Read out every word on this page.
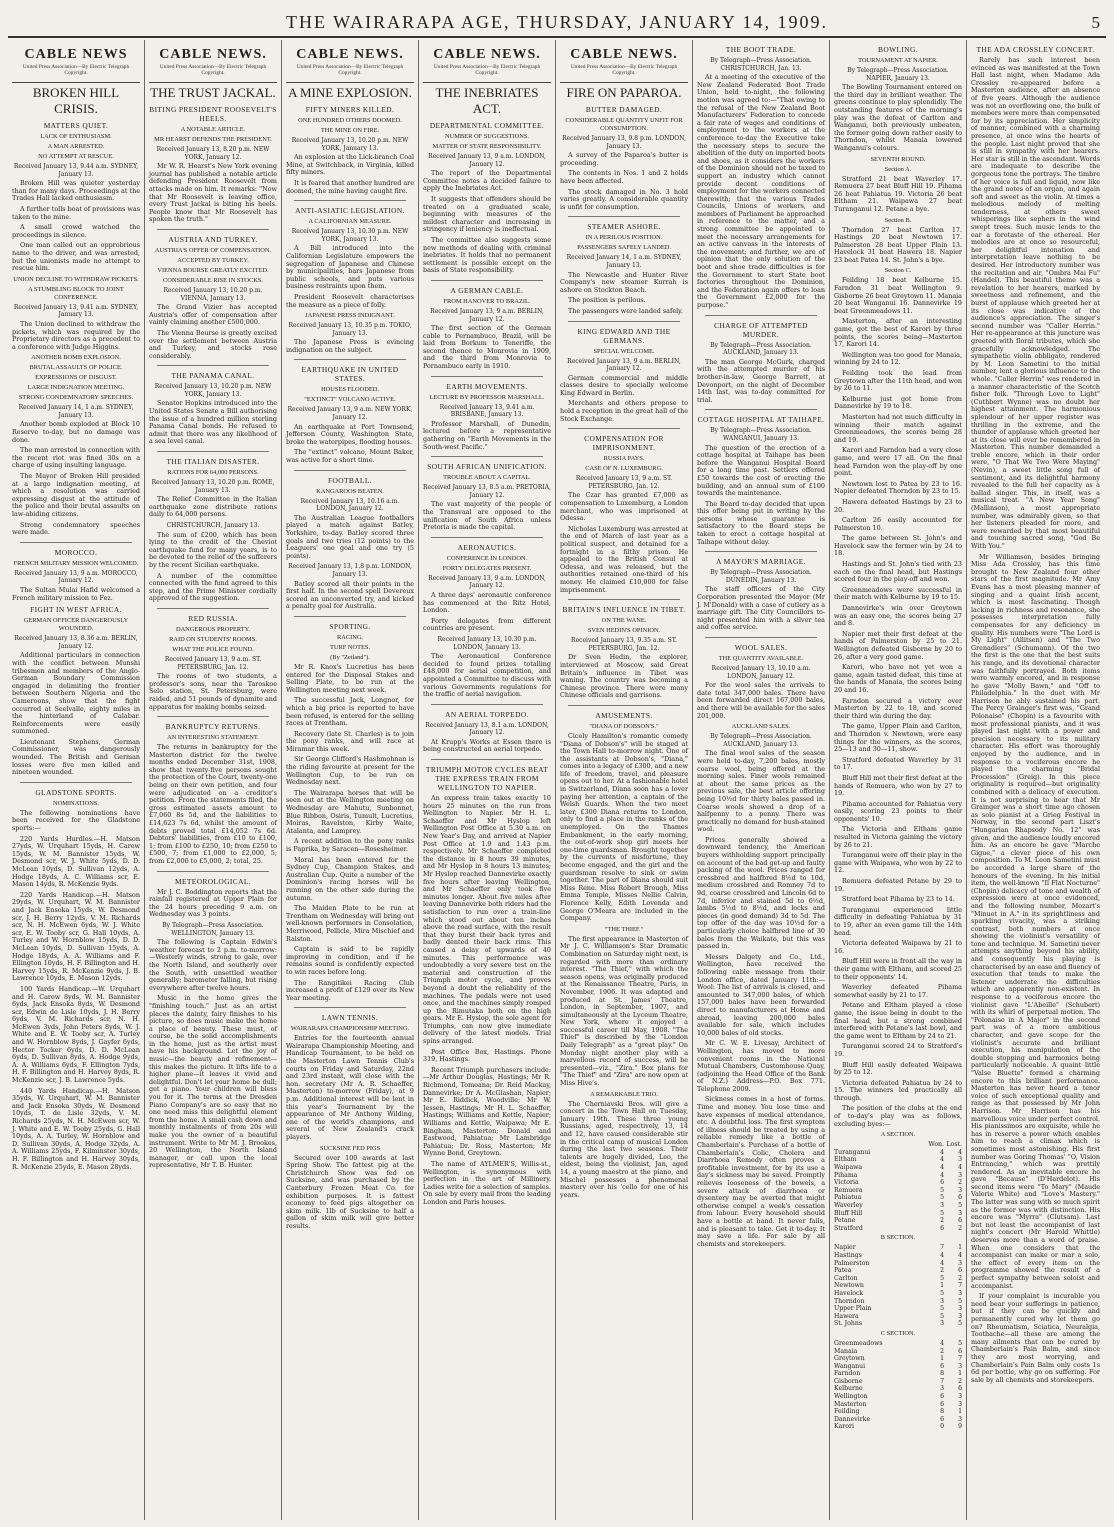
THE WAIRARAPA AGE, THURSDAY, JANUARY 14, 1909.	5
CABLE NEWS
United Press Association—By Electric Telegraph Copyright.
BROKEN HILL CRISIS.
MATTERS QUIET.
LACK OF ENTHUSIASM.
A MAN ARRESTED.
NO ATTEMPT AT RESCUE.
Received January 13, 9.44 a.m. SYDNEY, January 13.
Broken Hill was quieter yesterday than for many days. Proceedings at the Trades Hall lacked enthusiasm.
A further tolls boat of provisions was taken to the mine.
A small crowd watched the proceedings in silence.
One man called out an opprobrious name to the driver, and was arrested, but the unionists made no attempt to rescue him.
UNION DECLINE TO WITHDRAW PICKETS.
A STUMBLING BLOCK TO JOINT CONFERENCE.
Received January 13, 9.41 a.m. SYDNEY, January 13.
The Union declined to withdraw the pickets, which was required by the Proprietary directors as a precedent to a conference with Judge Higgins.
ANOTHER BOMB EXPLOSION.
BRUTAL ASSAULTS OF POLICE.
EXPRESSIONS OF DISGUST.
LARGE INDIGNATION MEETING.
STRONG CONDEMNATORY SPEECHES.
Received January 14, 1 a.m. SYDNEY, January 13.
Another bomb exploded at Block 10 Reserve to-day, but no damage was done.
The man arrested in connection with the recent riot was fined 30s on a charge of using insulting language.
The Mayor of Broken Hill presided at a large indignation meeting, at which a resolution was carried expressing disgust at the attitude of the police and their brutal assaults on law-abiding citizens.
Strong condemnatory speeches were made.
MOROCCO.
FRENCH MILITARY MISSION WELCOMED.
Received January 13, 9 a.m. MOROCCO, January 12.
The Sultan Mulai Hafid welcomed a French military mission to Fez.
FIGHT IN WEST AFRICA.
GERMAN OFFICER DANGEROUSLY WOUNDED.
Received January 13, 8.36 a.m. BERLIN, January 12.
Additional particulars in connection with the conflict between Munshi tribesmen and members of the Anglo-German Boundary Commission engaged in delimiting the frontier between Southern Nigeria and the Cameroons, show that the fight occurred at Seelvalle, eighty miles in the hinterland of Calabar. Reinforcements were easily summoned.
Lieutenant Stephens, German Commissioner, was dangerously wounded. The British and German losses were five men killed and nineteen wounded.
GLADSTONE SPORTS.
NOMINATIONS.
The following nominations have been received for the Gladstone sports:—
220 Yards Hurdles.—H. Matson 27yds, W. Urquhart 15yds, H. Carew 15yds, W. M. Bannister 15yds, W. Desmond scr, W. J. White 5yds, D. D. McLean 10yds, D. Sullivan 12yds, A. Hodge 18yds, A. C. Williams scr, E. Mason 14yds, R. McKenzie 9yds.
220 Yards Handicap.—H. Matson 29yds, W. Urquhart, W. M. Bannister and Jack Ensoka 15yds, W. Desmond scr, J. H. Berry 12yds, V. M. Richards scr, N. H. McEwen 6yds, W. J. White scr, E. W. Tooby scr, G. Hall 10yds, A. Turley and W. Hornblow 15yds, D. D. McLean 10yds, D. Sullivan 15yds, A. Hodge 18yds, A. A. Williams and F. Ellington 10yds, H. F. Billington and H. Harvey 15yds, R. McKenzie 9yds, J. B. Lawrence 10yds, E. Mason 12yds.
100 Yards Handicap.—W. Urquhart and H. Carew 8yds, W. M. Bannister 6yds, Jack Ensoka 8yds, W. Desmond scr, Edwin de Lisle 10yds, J. H. Berry 6yds, V. M. Richards scr, N. H. McEwen 3yds, John Peters 8yds, W. J. White and E. W. Tooby scr, A. Turley and W. Hornblow 8yds, J. Gayfer 6yds, Hector Tocker 6yds, D. D. McLean 6yds, D. Sullivan 8yds, A. Hodge 9yds, A. A. Williams 6yds, F. Ellington 7yds, H. F. Billington and H. Harvey 8yds, R. McKenzie scr, J. B. Lawrence 5yds.
440 Yards Handicap.—H. Matson 35yds, W. Urquhart, W. M. Bannister and Jack Ensoka 30yds, W. Desmond 10yds, T. de Lisle 32yds, V. M. Richards 25yds, N. H. McEwen scr, W. J. White and E. W. Tooby 25yds, G. Hall 10yds, A. A. Turley, W. Hornblow and D. Sullivan 30yds, A. Hodge 32yds, A. A. Williams 25yds, F. Kilminster 30yds, H. F. Billington and H. Harvey 30yds, R. McKenzie 25yds, E. Mason 28yds.
CABLE NEWS.
United Press Association—By Electric Telegraph Copyright.
THE TRUST JACKAL.
BITING PRESIDENT ROOSEVELT'S HEELS.
A NOTABLE ARTICLE.
MR HEARST DEFENDS THE PRESIDENT.
Received January 13, 8.20 p.m. NEW YORK, January 12.
Mr W. R. Hearst's New York evening journal has published a notable article defending President Roosevelt from attacks made on him. It remarks: "Now that Mr Roosevelt is leaving office, every Trust Jackal is biting his heels. People know that Mr Roosevelt has spoken the truth."
AUSTRIA AND TURKEY.
AUSTRIA'S OFFER OF COMPENSATION.
ACCEPTED BY TURKEY.
VIENNA BOURSE GREATLY EXCITED.
CONSIDERABLE RISE IN STOCKS.
Received January 13, 10.20 p.m. VIENNA, January 13.
The Grand Vizier has accepted Austria's offer of compensation after vainly claiming another £500,000.
The Vienna Bourse is greatly excited over the settlement between Austria and Turkey, and stocks rose considerably.
THE PANAMA CANAL.
Received January 13, 10.20 p.m. NEW YORK, January 13.
Senator Hopkins introduced into the United States Senate a Bill authorising the issue of a hundred million sterling Panama Canal bonds. He refused to admit that there was any likelihood of a sea level canal.
THE ITALIAN DISASTER.
RATIONS FOR 64,000 PERSONS.
Received January 13, 10.20 p.m. ROME, January 13.
The Relief Committee in the Italian earthquake zone distribute rations daily to 64,000 persons.
CHRISTCHURCH, January 13.
The sum of £200, which has been lying to the credit of the Cheviot earthquake fund for many years, is to be devoted to the relief of the sufferers by the recent Sicilian earthquake.
A number of the committee connected with the fund agreed to this step, and the Prime Minister cordially approved of the suggestion.
RED RUSSIA.
DANGEROUS PROPERTY.
RAID ON STUDENTS' ROOMS.
WHAT THE POLICE FOUND.
Received January 13, 9 a.m. ST. PETERSBURG, Jan. 12.
The rooms of two students, a professor's sons, near the Taroskoe Selo station, St. Petersburg, were raided, and 51 pounds of dynamite and apparatus for making bombs seized.
BANKRUPTCY RETURNS.
AN INTERESTING STATEMENT.
The returns in bankruptcy for the Masterton district for the twelve months ended December 31st, 1908, show that twenty-five persons sought the protection of the Court, twenty-one being on their own petition, and four were adjudicated on a creditor's petition. From the statements filed, the gross estimated assets amount to £7,060 8s 5d, and the liabilities to £14,623 7s 6d, whilst the amount of debts proved total £14,052 7s 6d. Debtors' liabilities, from £10 to £100, 1; from £100 to £250, 10; from £250 to £500, 7; from £1,000 to £2,000, 5; from £2,000 to £5,000, 2; total, 25.
METEOROLOGICAL.
Mr J. C. Boddington reports that the rainfall registered at Upper Plain for the 24 hours preceding 9 a.m. on Wednesday was 3 points.
By Telegraph—Press Association. WELLINGTON, January 13.
The following is Captain Edwin's weather forecast to 2 p.m. to-morrow:—Westerly winds, strong to gale, over the North Island, and southerly over the South, with unsettled weather generally; barometer falling, but rising everywhere after twelve hours.
Music in the home gives the "finishing touch." Just as an artist places the dainty, fairy finishes to his picture, so does music make the home a place of beauty. These must, of course, be the solid accomplishments in the home, just as the artist must have his background. Let the joy of music—the beauty and refinement—this makes the picture. It lifts life to a higher plane—it leaves it vivid and delightful. Don't let your home be dull; get a piano. Your children will bless you for it. The terms at the Dresden Piano Company's are so easy that no one need miss this delightful element from the home. A small cash down and monthly instalments of from 20s will make you the owner of a beautiful instrument. Write to Mr M. J. Brookes, 20 Wellington, the North Island manager, or call upon the local representative, Mr T. B. Hunter.
CABLE NEWS.
United Press Association—By Electric Telegraph Copyright.
A MINE EXPLOSION.
FIFTY MINERS KILLED.
ONE HUNDRED OTHERS DOOMED.
THE MINE ON FIRE.
Received January 13, 10.20 p.m. NEW YORK, January 13.
An explosion at the Lick-branch Coal Mine, at Switchback, in Virginia, killed fifty miners.
It is feared that another hundred are doomed, the mine having caught fire.
ANTI-ASIATIC LEGISLATION.
A CALIFORNIAN MEASURE.
Received January 13, 10.30 p.m. NEW YORK, January 13.
A Bill introduced into the Californian Legislature empowers the segregation of Japanese and Chinese by municipalities, bars Japanese from public schools, and puts various business restraints upon them.
President Roosevelt characterises the measure as a piece of folly.
JAPANESE PRESS INDIGNANT.
Received January 13, 10.35 p.m. TOKIO, January 13.
The Japanese Press is evincing indignation on the subject.
EARTHQUAKE IN UNITED STATES.
HOUSES FLOODED.
"EXTINCT" VOLCANO ACTIVE.
Received January 13, 9 a.m. NEW YORK, January 12.
An earthquake at Port Townsend, Jefferson County, Washington State, broke the waterpipes, flooding houses.
The "extinct" volcano, Mount Baker, was active for a short time.
FOOTBALL.
KANGAROOS BEATEN.
Received January 13, 10.16 a.m. LONDON, January 12.
The Australian League footballers played a match against Batley, Yorkshire, to-day. Batley scored three goals and two tries (12 points) to the Leaguers' one goal and one try (5 points).
Received January 13, 1.8 p.m. LONDON, January 13.
Batley scored all their points in the first half. In the second spell Devereux scored an unconverted try, and kicked a penalty goal for Australia.
SPORTING.
RACING.
TURF NOTES.
(By "Zetland").
Mr R. Knox's Lucretius has been entered for the Disposal Stakes and Selling Plate, to be run at the Wellington meeting next week.
The successful Jack, Longnor, for which a big price is reported to have been refused, is entered for the selling races at Trentham.
Recovery (late St. Charles) is to join the pony ranks, and will race at Miramar this week.
Sir George Clifford's Hashmohnan is the riding favourite at present for the Wellington Cup, to be run on Wednesday next.
The Wairarapa horses that will be seen out at the Wellington meeting on Wednesday are Mahutu, Sunbonnet, Blue Ribbon, Osiris, Tumult, Lucretius, Moiras, Ravelston, Kirby Waite, Atalanta, and Lamprey.
A recent addition to the pony ranks is Paprika, by Saracen—Rosesheimer.
Moral has been entered for the Sydney Cup, Champion Stakes, and Australian Cup. Quite a number of the Dominion's racing horses will be running on the other side during the autumn.
The Maiden Plate to be run at Trentham on Wednesday will bring out well-known performers in Consolation, Merriwood, Pellicle, Mira Mischief and Ralston.
Captain is said to be rapidly improving in condition, and if he remains sound is confidently expected to win races before long.
The Rangitikei Racing Club increased a profit of £129 over its New Year meeting.
LAWN TENNIS.
WAIRARAPA CHAMPIONSHIP MEETING.
Entries for the fourteenth annual Wairarapa Championship Meeting, and Handicap Tournament, to be held on the Masterton Lawn Tennis Club's courts on Friday and Saturday, 22nd and 23rd instant, will close with the hon. secretary (Mr A. R. Schaeffer, Masterton) to-morrow (Friday), at 9 p.m. Additional interest will be lent in this year's Tournament by the appearance of Mr Anthony Wilding, one of the world's champions, and several of New Zealand's crack players.
SUCKSINE FED PIGS
Secured over 100 awards at last Spring Show. The fattest pig at the Christchurch Show was fed on Sucksine, and was purchased by the Canterbury Frozen Meat Co. for exhibition purposes. It is fattest economy to feed pigs altogether on skim milk. 1lb of Sucksine to half a gallon of skim milk will give better results.
CABLE NEWS.
United Press Association—By Electric Telegraph Copyright.
THE INEBRIATES ACT.
DEPARTMENTAL COMMITTEE.
NUMBER OF SUGGESTIONS.
MATTER OF STATE RESPONSIBILITY.
Received January 13, 9 a.m. LONDON, January 12.
The report of the Departmental Committee notes a decided failure to apply the Inebriates Act.
It suggests that offenders should be treated on a graduated scale, beginning with measures of the mildest character and increasing in stringency if leniency is ineffectual.
The committee also suggests some new methods of dealing with criminal inebriates. It holds that no permanent settlement is possible except on the basis of State responsibility.
A GERMAN CABLE.
FROM HANOVER TO BRAZIL.
Received January 13, 9 a.m. BERLIN, January 12.
The first section of the German cable to Pernambuco, Brazil, will be laid from Borkum to Teneriffe, the second thence to Monrovia in 1909, and the third from Monrovia to Pernambuco early in 1910.
EARTH MOVEMENTS.
LECTURE BY PROFESSOR MARSHALL.
Received January 13, 9.41 a.m. BRISBANE, January 13.
Professor Marshall, of Dunedin, lectured before a representative gathering on "Earth Movements in the South-west Pacific."
SOUTH AFRICAN UNIFICATION.
TROUBLE ABOUT A CAPITAL.
Received January 13, 8.5 a.m. PRETORIA, January 12.
The vast majority of the people of the Transvaal are opposed to the unification of South Africa unless Pretoria is made the capital.
AERONAUTICS.
CONFERENCE IN LONDON.
FORTY DELEGATES PRESENT.
Received January 13, 9 a.m. LONDON, January 12.
A three days' aeronautic conference has commenced at the Ritz Hotel, London.
Forty delegates from different countries are present.
Received January 13, 10.30 p.m. LONDON, January 13.
The Aeronautical Conference decided to found prizes totalling £48,000 for aerial competition, and appointed a Committee to discuss with various Governments regulations for the traffic of aerial navigation.
AN AERIAL TORPEDO.
Received January 13, 8.1 a.m. LONDON, January 12.
At Krupp's Works at Essen there is being constructed an aerial torpedo.
TRIUMPH MOTOR CYCLES BEAT THE EXPRESS TRAIN FROM WELLINGTON TO NAPIER.
An express train takes exactly 10 hours 25 minutes on the run from Wellington to Napier. Mr H. L. Schaeffer and Mr Hyslop left Wellington Post Office at 5.30 a.m. on New Year's Day, and arrived at Napier Post Office at 1.9 and 1.43 p.m. respectively. Mr Schaeffer completed the distance in 8 hours 39 minutes, and Mr Hyslop in 8 hours 13 minutes; Mr Hyslop reached Dannevirke exactly five hours after leaving Wellington, and Mr Schaeffer only took five minutes longer. About five miles after leaving Dannevirke both riders had the satisfaction to run over a train-line which stood out about ten inches above the road surface, with the result that they burst their back tyres and badly dented their back rims. This caused a delay of upwards of 40 minutes. This performance was undoubtedly a very severe test on the material and construction of the Triumph motor cycle, and proves beyond a doubt the reliability of the machines. The pedals were not used once, and the machines simply romped up the Rimutaka both on the high gears. Mr E. Hyslop, the sole agent for Triumphs, can now give immediate delivery of the latest models. Trial spins arranged.
Post Office Box, Hastings. Phone 319, Hastings.
Recent Triumph purchasers include:—Mr Arthur Douglas, Hastings; Mr R. Richmond, Tomoana; Dr. Reid Mackay, Dannevirke; Dr A. McGlashan, Napier; Mr E. Riddick, Woodville; Mr W. Jessen, Hastings; Mr H. L. Schaeffer, Hastings; Williams and Kettle, Napier; Williams and Kettle, Waipawa; Mr E. Bingham, Masterton; Donald and Eastwood, Pahiatua; Mr Lambridge Pahiatua; Dr. Ross, Masterton; Mr Wynne Bond, Greytown.
The name of AYLMER'S, Willis-st., Wellington, is synonymous with perfection in the art of Millinery. Ladies write for a selection of samples. On sale by every mail from the leading London and Paris houses.
CABLE NEWS.
United Press Association—By Electric Telegraph Copyright.
FIRE ON PAPAROA.
BUTTER DAMAGED.
CONSIDERABLE QUANTITY UNFIT FOR CONSUMPTION.
Received January 13, 9.8 p.m. LONDON, January 13.
A survey of the Paparoa's butter is proceeding.
The contents in Nos. 1 and 2 holds have been affected.
The stock damaged in No. 3 hold varies greatly. A considerable quantity is unfit for consumption.
STEAMER ASHORE.
IN A PERILOUS POSITION.
PASSENGERS SAFELY LANDED.
Received January 14, 1 a.m. SYDNEY, January 13.
The Newcastle and Hunter River Company's new steamer Kurrah is ashore on Stockton Beach.
The position is perilous.
The passengers were landed safely.
KING EDWARD AND THE GERMANS.
SPECIAL WELCOME.
Received January 13, 9 a.m. BERLIN, January 12.
German commercial and middle classes desire to specially welcome King Edward in Berlin.
Merchants and others propose to hold a reception in the great hall of the Stock Exchange.
COMPENSATION FOR IMPRISONMENT.
RUSSIA PAYS.
CASE OF N. LUXEMBURG.
Received January 13, 9 a.m. ST. PETERSBURG, Jan. 12.
The Czar has granted £7,000 as compensation to Luxemburg, a London merchant, who was imprisoned at Odessa.
Nicholas Luxemburg was arrested at the end of March of last year as a political suspect, and detained for a fortnight in a filthy prison. He appealed to the British Consul at Odessa, and was released, but the authorities retained one-third of his money. He claimed £10,000 for false imprisonment.
BRITAIN'S INFLUENCE IN TIBET.
ON THE WANE.
SVEN HEDIN'S OPINION.
Received January 13, 9.35 a.m. ST. PETERSBURG, Jan. 12.
Dr Sven Hedin, the explorer, interviewed at Moscow, said Great Britain's influence in Tibet was waning. The country was becoming a Chinese province. There were many Chinese officials and garrisons.
AMUSEMENTS.
"DIANA OF DOBSON'S."
Cicely Hamilton's romantic comedy "Diana of Dobson's" will be staged at the Town Hall to-morrow night. One of the assistants at Dobson's, "Diana," comes into a legacy of £300, and a new life of freedom, travel, and pleasure opens out to her. At a fashionable hotel in Switzerland, Diana soon has a lover paying her attention, a captain of the Welsh Guards. When the two meet later, £300 Diana returns to London, only to find a place in the ranks of the unemployed. On the Thames Embankment, in the early morning, the out-of-work shop girl meets her one-time guardsman. Brought together by the currents of misfortune, they become engaged, and the girl and the guardsman resolve to sink or swim together. The part of Diana should suit Miss Rene. Miss Robert Brough, Miss Emma Temple, Misses Nellie Calvin, Florence Kelly, Edith Lovenda and George O'Meara are included in the Company.
"THE THIEF."
The first appearance in Masterton of Mr J. C. Williamson's Star Dramatic Combination on Saturday night next, is regarded with more than ordinary interest. "The Thief," with which the season opens, was originally produced at the Renaissance Theatre, Paris, in November, 1906. It was adapted and produced at St. James' Theatre, London, in September, 1907, and simultaneously at the Lyceum Theatre, New York, where it enjoyed a successful career till May, 1908. "The Thief" is described by the "London Daily Telegraph" as a "great play." On Monday night another play with a marvellous record of success, will be presented—viz., "Zira." Box plans for "The Thief" and "Zira" are now open at Miss Hive's.
A REMARKABLE TRIO.
The Cherniavski Bros. will give a concert in the Town Hall on Tuesday, January 19th. These three young Russians, aged, respectively, 13, 14 and 12, have caused considerable stir in the critical camp of musical London during the last two seasons. Their talents are hugely divided, Leo, the eldest, being the violinist, Jan, aged 14, a young maestro at the piano, and Mischel possesses a phenomenal mastery over his 'cello for one of his years.
THE BOOT TRADE.
By Telegraph—Press Association. CHRISTCHURCH, Jan. 13.
At a meeting of the executive of the New Zealand Federated Boot Trade Union, held to-night, the following motion was agreed to:—"That owing to the refusal of the New Zealand Boot Manufacturers' Federation to concede a fair rate of wages and conditions of employment to the workers at the conference to-day the Executive take the necessary steps to secure the abolition of the duty on imported boots and shoes, as it considers the workers of the Dominion should not be taxed to support an industry which cannot provide decent conditions of employment for the workers connected therewith; that the various Trades Councils, Unions of workers, and members of Parliament be approached in reference to the matter, and a strong committee be appointed to meet the necessary arrangements for an active canvass in the interests of the movement; and further, we are of opinion that the only solution of the boot and shoe trade difficulties is for the Government to start State boot factories throughout the Dominion, and the Federation again offers to loan the Government £2,000 for the purpose."
CHARGE OF ATTEMPTED MURDER.
By Telegraph—Press Association. AUCKLAND, January 13.
The man George McGurk, charged with the attempted murder of his brother-in-law, George Barrett, at Devonport, on the night of December 14th last, was to-day committed for trial.
COTTAGE HOSPITAL AT TAIHAPE.
By Telegraph—Press Association. WANGANUI, January 13.
The question of the erection of a cottage hospital at Taihape has been before the Wanganui Hospital Board for a long time past. Settlers offered £50 towards the cost of erecting the building, and an annual sum of £100 towards the maintenance.
The Board to-day decided that upon this offer being put in writing by the persons whose guarantee is satisfactory to the Board steps be taken to erect a cottage hospital at Taihape without delay.
A MAYOR'S MARRIAGE.
By Telegraph—Press Association. DUNEDIN, January 13.
The staff officers of the City Corporation presented the Mayor (Mr J. M'Donald) with a case of cutlery as a marriage gift. The City Councillors to-night presented him with a silver tea and coffee service.
WOOL SALES.
THE QUANTITY AVAILABLE.
Received January 13, 10.10 a.m. LONDON, January 12.
For the wool sales the arrivals to date total 347,000 bales. There have been forwarded direct 167,000 bales, and there will be available for the sales 201,000.
AUCKLAND SALES.
By Telegraph—Press Association. AUCKLAND, January 13.
The final wool sales of the season were held to-day, 7,200 bales, mostly coarse wool, being offered at the morning sales. Finer wools remained at about the same prices as the previous sale, the best article offering being 10½d for thirty bales passed in. Coarse wools showed a drop of a halfpenny to a penny. There was practically no demand for bush-stained wool.
Prices generally showed a downward tendency, the American buyers withholding support principally on account of the bad get-up and faulty packing of the wool. Prices ranged for crossbred and halfbred 8½d to 10d, medium crossbred and Romney 7d to 9d, coarse crossbred and Lincoln 6d to 7d, inferior and stained 5d to 6½d, lambs 5½d to 8½d, and locks and pieces (in good demand) 3d to 5d. The top offer of the day was 10½d for a particularly choice halfbred line of 30 bales from the Waikato, but this was passed in.
Messrs Dalgety and Co., Ltd., Wellington, have received the following cable message from their London office, dated January 11th:—Wool: The list of arrivals is closed, and amounted to 347,000 bales, of which 157,000 bales have been forwarded direct to manufacturers at Home and abroad, leaving 200,000 bales available for sale, which includes 10,000 bales of old stocks.
Mr C. W. E. Livesay, Architect of Wellington, has moved to more convenient rooms in the National Mutual Chambers, Customhouse Quay, (adjoining the Head Office of the Bank of N.Z.) Address—P.O. Box 771. Telephone 2009.
Sickness comes in a host of forms. Time and money. You lose time and have expenses of medical attendance, etc. A doubtful loss. The first symptom of illness should be treated by using a reliable remedy like a bottle of Chamberlain's. Purchase of a bottle of Chamberlain's Colic, Cholera and Diarrhoea Remedy often proves a profitable investment, for by its use a day's sickness may be saved. Promptly relieves looseness of the bowels, a severe attack of diarrhoea or dysentery may be averted that might otherwise compel a week's cessation from labour. Every household should have a bottle at hand. It never fails, and is pleasant to take. Get it to-day. It may save a life. For sale by all chemists and storekeepers.
BOWLING.
TOURNAMENT AT NAPIER.
By Telegraph—Press Association. NAPIER, January 13.
The Bowling Tournament entered on the third day in brilliant weather. The greens continue to play splendidly. The outstanding features of the morning's play was the defeat of Carlton and Wanganui, both previously unbeaten, the former going down rather easily to Thorndon, whilst Manaia lowered Wanganui's colours.
SEVENTH ROUND.
Section A.
Stratford 21 beat Waverley 17. Remuera 27 beat Bluff Hill 19. Pihama 26 beat Pahiatua 19. Victoria 26 beat Eltham 21. Waipawa 27 beat Turanganui 12. Petane a bye.
Section B.
Thorndon 27 beat Carlton 17. Hastings 20 beat Newtown 17. Palmerston 28 beat Upper Plain 13. Havelock 31 beat Hawera 18. Napier 23 beat Patea 14. St. John's a bye.
Section C.
Feilding 18 beat Kelburne 15. Farndon 31 beat Wellington 9. Gisborne 26 beat Greytown 11. Manaia 20 beat Wanganui 16. Dannevirke 19 beat Greenmeadows 11.
Masterton, after an interesting game, got the best of Karori by three points, the scores being—Masterton 17, Karori 14.
Wellington was too good for Manaia, winning by 24 to 12.
Feilding took the lead from Greytown after the 11th head, and won by 26 to 11.
Kelburne just got home from Dannevirke by 19 to 18.
Masterton had not much difficulty in winning their match against Greenmeadows, the scores being 28 and 19.
Karori and Farndon had a very close game, and were 17 all. On the final head Farndon won the play-off by one point.
Newtown lost to Patea by 23 to 16. Napier defeated Thorndon by 23 to 15.
Hawera defeated Hastings by 23 to 20.
Carlton 26 easily accounted for Palmerston 10.
The game between St. John's and Havelock saw the former win by 24 to 18.
Hastings and St. John's tied with 23 each on the final head, but Hastings scored four in the play-off and won.
Greenmeadows were successful in their match with Kelburne by 19 to 15.
Dannevirke's win over Greytown was an easy one, the scores being 27 and 8.
Napier met their first defeat at the hands of Palmerston by 25 to 21. Wellington defeated Gisborne by 20 to 26, after a very good game.
Karori, who have not yet won a game, again tasted defeat, this time at the hands of Manaia, the scores being 20 and 16.
Farndon secured a victory over Masterton by 22 to 18, and scored their third win during the day.
The game, Upper Plain and Carlton, and Thorndon v. Newtown, were easy things for the winners, as the scores, 25—13 and 30—11, show.
Stratford defeated Waverley by 31 to 17.
Bluff Hill met their first defeat at the hands of Remuera, who won by 27 to 19.
Pihama accounted for Pahiatua very easily, scoring 23 points to their opponents' 10.
The Victoria and Eltham game resulted in Victoria gaining the victory by 26 to 21.
Turanganui were off their play in the game with Waipawa, who won by 22 to 12.
Remuera defeated Petane by 29 to 19.
Stratford beat Pihama by 23 to 14.
Turanganui experienced little difficulty in defeating Pahiatua by 31 to 19, after an even game till the 14th head.
Victoria defeated Waipawa by 21 to 16.
Bluff Hill were in front all the way in their game with Eltham, and scored 25 to their opponents' 14.
Waverley defeated Pihama somewhat easily by 21 to 17.
Petane and Eltham played a close game, the issue being in doubt to the final head, but a strong combined interfered with Petane's last bowl, and the game went to Eltham by 24 to 21.
Turanganui scored 24 to Stratford's 19.
Bluff Hill easily defeated Waipawa by 25 to 12.
Victoria defeated Pahiatua by 24 to 15. The winners led practically all through.
The position of the clubs at the end of to-day's play was as follows, excluding byes:—
A SECTION.
	Won.	Lost.
Turanganui	4	4
Eltham	4	3
Waipawa	4	4
Pihama	4	3
Victoria	6	2
Remuera	5	3
Pahiatua	5	6
Waverley	3	5
Bluff Hill	5	3
Petane	2	6
Stratford	6	2
B SECTION.
Napier	7	1
Hastings	4	4
Palmerston	4	3
Patea	2	6
Carlton	5	2
Newtown	1	7
Havelock	5	3
Thorndon	3	5
Upper Plain	5	3
Hawera	5	3
St. Johns	3	5
C SECTION.
Greenmeadows	4	5
Manaia	2	6
Greytown	1	7
Wanganui	6	3
Farndon	8	1
Gisborne	7	2
Kelburne	3	6
Wellington	6	3
Masterton	6	3
Feilding	8	1
Dannevirke	6	3
Karori	0	9
THE ADA CROSSLEY CONCERT.
Rarely has such interest been evinced as was manifested at the Town Hall last night, when Madame Ada Crossley re-appeared before a Masterton audience, after an absence of five years. Although the audience was not an overflowing one, the bulk of members were more than compensated for by its appreciation. Her simplicity of manner, combined with a charming presence, at once wins the hearts of the people. Last night proved that she is still in sympathy with her hearers. Her star is still in the ascendant. Words are inadequate to describe the gorgeous tone the portrays. The timbre of her voice is full and liquid, now like the grand notes of an organ, and again soft and sweet as the violin. At times a melodious melody of melting tenderness, at others sweet whisperings like sephers in the wind swept trees. Such music lends to the ear a foretaste of the ethereal. Her melodies are at once so resourceful, her delightful intonation and interpretation leave nothing to be desired. Her introductory number was the recitation and air, "Ombra Mai Fu" (Handel). This beautiful theme was a revelation to her hearers, marked by sweetness and refinement, and the burst of applause which greeted her at its close was indicative of the audience's appreciation. The singer's second number was "Caller Herrin." Her re-appearance at this juncture was greeted with floral tributes, which she gracefully acknowledged. The sympathetic violin obbligato, rendered by M. Leon Sametini to the initial number, lent a glorious influence to the whole. "Caller Herrin" was rendered in a manner characteristic of the Scotch fisher folk. "Through Love to Light" (Cuthbert Wynne) was no doubt her highest attainment. The harmonious splendour of her upper register was thrilling in the extreme, and the thunder of applause which greeted her at its close will ever be remembered in Masterton. This number demanded a treble encore, which in their order were, "O That We Two Were Maying" (Nevin), a sweet little song full of sentiment, and its delightful harmony revealed to the full her capacity as a ballad singer. This, in itself, was a musical treat. "A New Year Song" (Mallinson), a most appropriate number, was admirably given, so that her listeners pleaded for more, and were rewarded by that most beautiful and touching sacred song, "God Be With You."
Mr Williamson, besides bringing Miss Ada Crossley, has this time brought to New Zealand four other stars of the first magnitude. Mr Amy Evans has a most pleasing manner of singing and a quaint Irish accent, which is most fascinating. Though lacking in richness and resonance, she possesses interpretation fully compensates for any deficiency in quality. His numbers were "The Lord is My Light" (Allitsen) and "The Two Grenadiers" (Schumann). Of the two the first is the one that the best suits his range, and its devotional character was faithfully portrayed. Both items were warmly encored, and in response he gave "Molly Bawn," and "Off to Philadelphia." In the duet with Mr Harrison he ably sustained his part. The Percy Grainger's first was, "Grand Polonaise" (Chopin) is a favourite with most professional pianists, and it was played last night with a power and precision necessary to its military character. His effort was thoroughly enjoyed by the audience, and in response to a vociferous encore he played the charming "Bridal Procession" (Greig). In this piece originality is required—but originality combined with a delicacy of execution. It is not surprising to hear that Mr Grainger was a short time ago chosen as solo pianist at a Grieg Festival in Norway, in the second part Liszt's "Hungarian Rhapsody No. 12" was given, and the audience loudly encored him. As an encore he gave "Marche Gigue," a clever piece of his own composition. To M. Leon Sametini must be accorded a large share of the honours of the evening. In his initial item, the well-known "Il Flat Nocturne" (Chopin) delicacy of tone and wealth of expression were at once evidenced, and the following number, Mozart's "Minuet in A." in its sprightliness and sparkling vivacity, was a striking contrast, both numbers at once showing the violinist's versatility of tone and technique. M. Sametini never attempts anything beyond his ability, and consequently his playing is characterised by an ease and fluency of execution that tends to make the listener underrate the difficulties which are apparently non-existent. In response to a vociferous encore the violinist gave "L'Abeille" (Schubert) with its whirl of perpetual motion. The "Polonaise in A Major" in the second part was of a more ambitious character, and gave scope for the violinist's accurate and brilliant execution, his manipulation of the double stopping and harmonics being particularly noticeable. A quaint little "Valse Bluette" formed a charming encore to this brilliant performance. Masterton has never heard a tenor voice of such exceptional quality and range as that possessed by Mr John Harrison. Mr Harrison has his marvellous voice under perfect control. His pianissimos are exquisite, while he has in reserve a power which enables him to reach a climax which is sometimes most astonishing. His first number was Goring Thomas' "O, Vision Entrancing," which was prettily rendered. As an inevitable encore he gave "Because" (D'Hardelot). His second items were "To Mary" (Maude Valerie White) and "Love's Mastery." The latter was sung with so much spirit as the former was with distinction. His encore was "Myrra" (Clutsam). Last but not least the accompanist of last night's concert (Mr Harold Whittle) deserves more than a word of praise. When one considers that the accompanist can make or mar a solo, the effect of every item on the programme showed the result of a perfect sympathy between soloist and accompanist.
If your complaint is incurable you need bear your sufferings in patience, but if they can be quickly and permanently cured why let them go on? Rheumatism, Sciatica, Neuralgia, Toothache—all these are among the many ailments that can be cured by Chamberlain's Pain Balm, and since they are most worrying, and Chamberlain's Pain Balm only costs 1s 6d per bottle, why go on suffering. For sale by all chemists and storekeepers.
